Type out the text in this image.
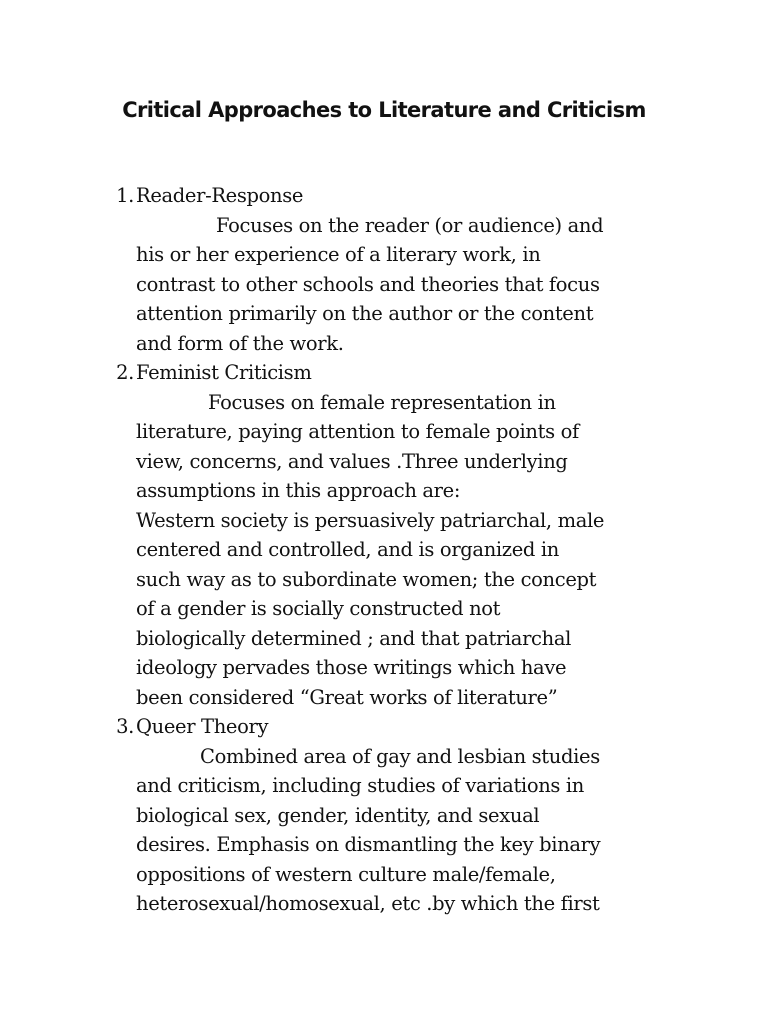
Critical Approaches to Literature and Criticism
1. Reader-Response
Focuses on the reader (or audience) and
his or her experience of a literary work, in
contrast to other schools and theories that focus
attention primarily on the author or the content
and form of the work.
2. Feminist Criticism
Focuses on female representation in
literature, paying attention to female points of
view, concerns, and values .Three underlying
assumptions in this approach are:
Western society is persuasively patriarchal, male
centered and controlled, and is organized in
such way as to subordinate women; the concept
of a gender is socially constructed not
biologically determined ; and that patriarchal
ideology pervades those writings which have
been considered “Great works of literature”
3. Queer Theory
Combined area of gay and lesbian studies
and criticism, including studies of variations in
biological sex, gender, identity, and sexual
desires. Emphasis on dismantling the key binary
oppositions of western culture male/female,
heterosexual/homosexual, etc .by which the first
